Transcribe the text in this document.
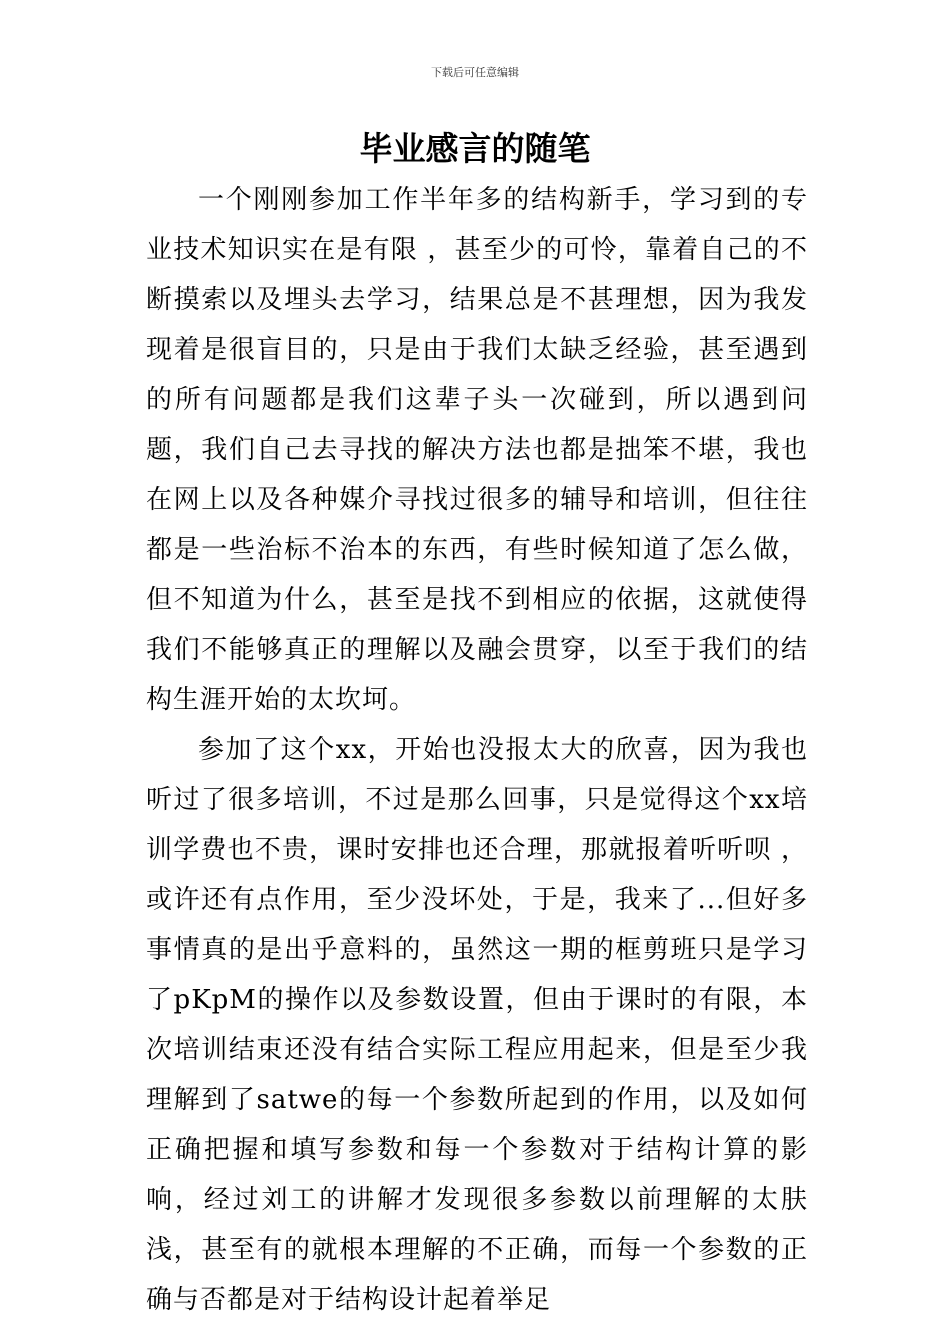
下载后可任意编辑
毕业感言的随笔

一个刚刚参加工作半年多的结构新手，学习到的专业技术知识实在是有限 ，甚至少的可怜，靠着自己的不断摸索以及埋头去学习，结果总是不甚理想，因为我发现着是很盲目的，只是由于我们太缺乏经验，甚至遇到的所有问题都是我们这辈子头一次碰到，所以遇到问题，我们自己去寻找的解决方法也都是拙笨不堪，我也在网上以及各种媒介寻找过很多的辅导和培训，但往往都是一些治标不治本的东西，有些时候知道了怎么做，但不知道为什么，甚至是找不到相应的依据，这就使得我们不能够真正的理解以及融会贯穿，以至于我们的结构生涯开始的太坎坷。

参加了这个xx，开始也没报太大的欣喜，因为我也听过了很多培训，不过是那么回事，只是觉得这个xx培训学费也不贵，课时安排也还合理，那就报着听听呗 ，或许还有点作用，至少没坏处，于是，我来了...但好多事情真的是出乎意料的，虽然这一期的框剪班只是学习了pKpM的操作以及参数设置，但由于课时的有限，本次培训结束还没有结合实际工程应用起来，但是至少我理解到了satwe的每一个参数所起到的作用，以及如何正确把握和填写参数和每一个参数对于结构计算的影响，经过刘工的讲解才发现很多参数以前理解的太肤浅，甚至有的就根本理解的不正确，而每一个参数的正确与否都是对于结构设计起着举足
